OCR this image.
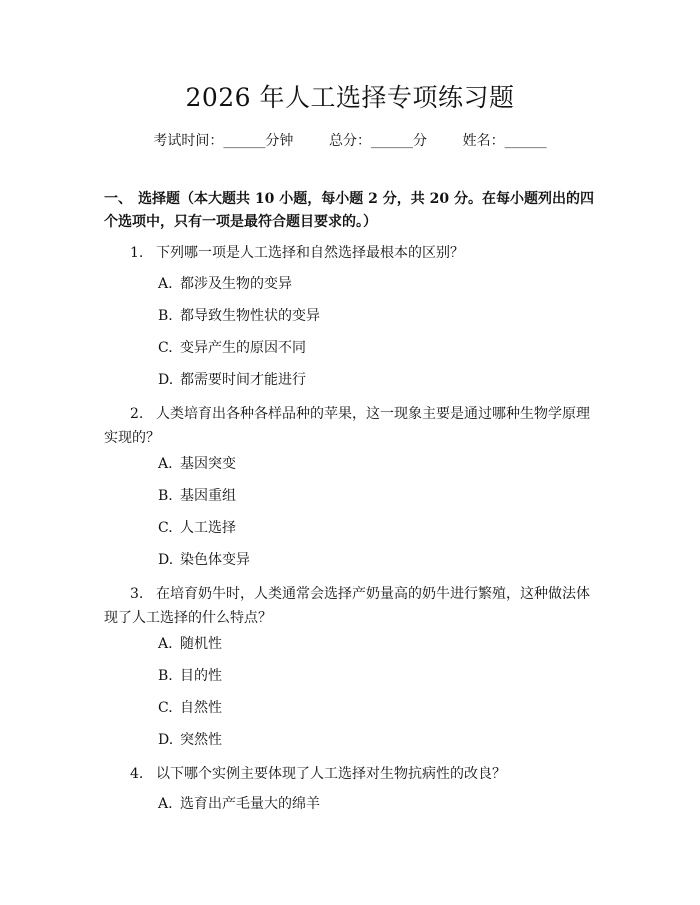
2026 年人工选择专项练习题
考试时间：______分钟	总分：______分	姓名：______
一、 选择题（本大题共 10 小题，每小题 2 分，共 20 分。在每小题列出的四个选项中，只有一项是最符合题目要求的。）
1. 下列哪一项是人工选择和自然选择最根本的区别？
A. 都涉及生物的变异
B. 都导致生物性状的变异
C. 变异产生的原因不同
D. 都需要时间才能进行
2. 人类培育出各种各样品种的苹果，这一现象主要是通过哪种生物学原理实现的？
A. 基因突变
B. 基因重组
C. 人工选择
D. 染色体变异
3. 在培育奶牛时，人类通常会选择产奶量高的奶牛进行繁殖，这种做法体现了人工选择的什么特点？
A. 随机性
B. 目的性
C. 自然性
D. 突然性
4. 以下哪个实例主要体现了人工选择对生物抗病性的改良？
A. 选育出产毛量大的绵羊
